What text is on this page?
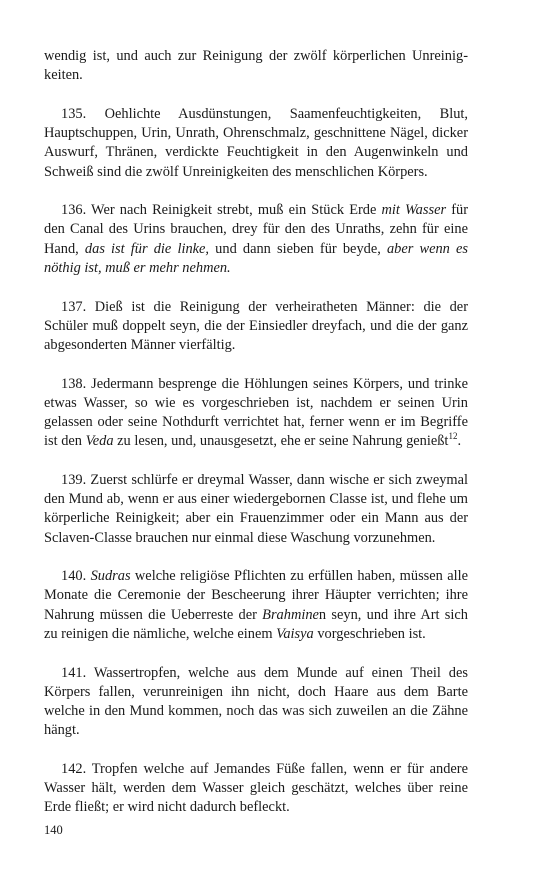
wendig ist, und auch zur Reinigung der zwölf körperlichen Unreinigkeiten.

135. Oehlichte Ausdünstungen, Saamenfeuchtigkeiten, Blut, Hauptschuppen, Urin, Unrath, Ohrenschmalz, geschnittene Nägel, dicker Auswurf, Thränen, verdickte Feuchtigkeit in den Augenwinkeln und Schweiß sind die zwölf Unreinigkeiten des menschlichen Körpers.

136. Wer nach Reinigkeit strebt, muß ein Stück Erde mit Wasser für den Canal des Urins brauchen, drey für den des Unraths, zehn für eine Hand, das ist für die linke, und dann sieben für beyde, aber wenn es nöthig ist, muß er mehr nehmen.

137. Dieß ist die Reinigung der verheiratheten Männer: die der Schüler muß doppelt seyn, die der Einsiedler dreyfach, und die der ganz abgesonderten Männer vierfältig.

138. Jedermann besprenge die Höhlungen seines Körpers, und trinke etwas Wasser, so wie es vorgeschrieben ist, nachdem er seinen Urin gelassen oder seine Nothdurft verrichtet hat, ferner wenn er im Begriffe ist den Veda zu lesen, und, unausgesetzt, ehe er seine Nahrung genießt$^{12}$.

139. Zuerst schlürfe er dreymal Wasser, dann wische er sich zweymal den Mund ab, wenn er aus einer wiedergebornen Classe ist, und flehe um körperliche Reinigkeit; aber ein Frauenzimmer oder ein Mann aus der Sclaven-Classe brauchen nur einmal diese Waschung vorzunehmen.

140. Sudras welche religiöse Pflichten zu erfüllen haben, müssen alle Monate die Ceremonie der Bescheerung ihrer Häupter verrichten; ihre Nahrung müssen die Ueberreste der Brahminen seyn, und ihre Art sich zu reinigen die nämliche, welche einem Vaisya vorgeschrieben ist.

141. Wassertropfen, welche aus dem Munde auf einen Theil des Körpers fallen, verunreinigen ihn nicht, doch Haare aus dem Barte welche in den Mund kommen, noch das was sich zuweilen an die Zähne hängt.

142. Tropfen welche auf Jemandes Füße fallen, wenn er für andere Wasser hält, werden dem Wasser gleich geschätzt, welches über reine Erde fließt; er wird nicht dadurch befleckt.

140
